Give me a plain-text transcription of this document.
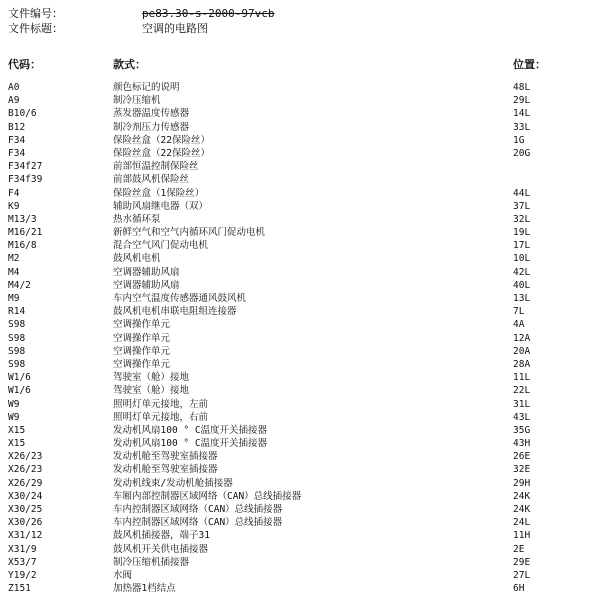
文件编号：	pe83.30-s-2000-97vcb
文件标题：	空调的电路图
代码：	款式：	位置：
A0	颜色标记的说明	48L
A9	制冷压缩机	29L
B10/6	蒸发器温度传感器	14L
B12	制冷剂压力传感器	33L
F34	保险丝盒（22保险丝）	1G
F34	保险丝盒（22保险丝）	20G
F34f27	前部恒温控制保险丝
F34f39	前部鼓风机保险丝
F4	保险丝盒（1保险丝）	44L
K9	辅助风扇继电器（双）	37L
M13/3	热水循环泵	32L
M16/21	新鲜空气和空气内循环风门促动电机	19L
M16/8	混合空气风门促动电机	17L
M2	鼓风机电机	10L
M4	空调器辅助风扇	42L
M4/2	空调器辅助风扇	40L
M9	车内空气温度传感器通风鼓风机	13L
R14	鼓风机电机串联电阻组连接器	7L
S98	空调操作单元	4A
S98	空调操作单元	12A
S98	空调操作单元	20A
S98	空调操作单元	28A
W1/6	驾驶室（舱）接地	11L
W1/6	驾驶室（舱）接地	22L
W9	照明灯单元接地，左前	31L
W9	照明灯单元接地，右前	43L
X15	发动机风扇100 ° C温度开关插接器	35G
X15	发动机风扇100 ° C温度开关插接器	43H
X26/23	发动机舱至驾驶室插接器	26E
X26/23	发动机舱至驾驶室插接器	32E
X26/29	发动机线束/发动机舱插接器	29H
X30/24	车厢内部控制器区域网络（CAN）总线插接器	24K
X30/25	车内控制器区域网络（CAN）总线插接器	24K
X30/26	车内控制器区域网络（CAN）总线插接器	24L
X31/12	鼓风机插接器，端子31	11H
X31/9	鼓风机开关供电插接器	2E
X53/7	制冷压缩机插接器	29E
Y19/2	水阀	27L
Z151	加热器1档结点	6H
